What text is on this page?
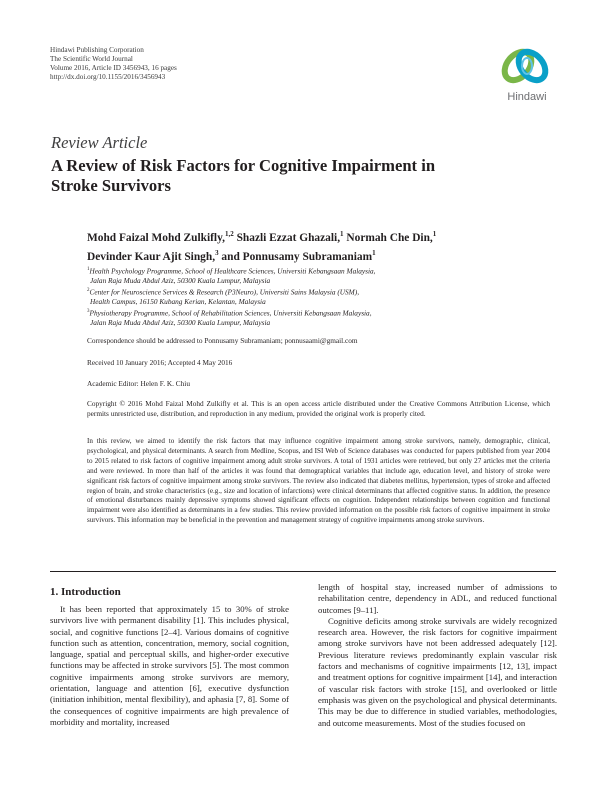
Hindawi Publishing Corporation
The Scientific World Journal
Volume 2016, Article ID 3456943, 16 pages
http://dx.doi.org/10.1155/2016/3456943
Hindawi
Review Article
A Review of Risk Factors for Cognitive Impairment in
Stroke Survivors
Mohd Faizal Mohd Zulkifly,$^{1,2}$ Shazli Ezzat Ghazali,$^1$ Normah Che Din,$^1$
Devinder Kaur Ajit Singh,$^3$ and Ponnusamy Subramaniam$^1$
$^1$Health Psychology Programme, School of Healthcare Sciences, Universiti Kebangsaan Malaysia,
Jalan Raja Muda Abdul Aziz, 50300 Kuala Lumpur, Malaysia
$^2$Center for Neuroscience Services & Research (P3Neuro), Universiti Sains Malaysia (USM),
Health Campus, 16150 Kubang Kerian, Kelantan, Malaysia
$^3$Physiotherapy Programme, School of Rehabilitation Sciences, Universiti Kebangsaan Malaysia,
Jalan Raja Muda Abdul Aziz, 50300 Kuala Lumpur, Malaysia
Correspondence should be addressed to Ponnusamy Subramaniam; ponnusaami@gmail.com
Received 10 January 2016; Accepted 4 May 2016
Academic Editor: Helen F. K. Chiu
Copyright © 2016 Mohd Faizal Mohd Zulkifly et al. This is an open access article distributed under the Creative Commons Attribution License, which permits unrestricted use, distribution, and reproduction in any medium, provided the original work is properly cited.
In this review, we aimed to identify the risk factors that may influence cognitive impairment among stroke survivors, namely, demographic, clinical, psychological, and physical determinants. A search from Medline, Scopus, and ISI Web of Science databases was conducted for papers published from year 2004 to 2015 related to risk factors of cognitive impairment among adult stroke survivors. A total of 1931 articles were retrieved, but only 27 articles met the criteria and were reviewed. In more than half of the articles it was found that demographical variables that include age, education level, and history of stroke were significant risk factors of cognitive impairment among stroke survivors. The review also indicated that diabetes mellitus, hypertension, types of stroke and affected region of brain, and stroke characteristics (e.g., size and location of infarctions) were clinical determinants that affected cognitive status. In addition, the presence of emotional disturbances mainly depressive symptoms showed significant effects on cognition. Independent relationships between cognition and functional impairment were also identified as determinants in a few studies. This review provided information on the possible risk factors of cognitive impairment in stroke survivors. This information may be beneficial in the prevention and management strategy of cognitive impairments among stroke survivors.
1. Introduction
It has been reported that approximately 15 to 30% of stroke survivors live with permanent disability [1]. This includes physical, social, and cognitive functions [2–4]. Various domains of cognitive function such as attention, concentration, memory, social cognition, language, spatial and perceptual skills, and higher-order executive functions may be affected in stroke survivors [5]. The most common cognitive impairments among stroke survivors are memory, orientation, language and attention [6], executive dysfunction (initiation inhibition, mental flexibility), and aphasia [7, 8]. Some of the consequences of cognitive impairments are high prevalence of morbidity and mortality, increased
length of hospital stay, increased number of admissions to rehabilitation centre, dependency in ADL, and reduced functional outcomes [9–11].
Cognitive deficits among stroke survivals are widely recognized research area. However, the risk factors for cognitive impairment among stroke survivors have not been addressed adequately [12]. Previous literature reviews predominantly explain vascular risk factors and mechanisms of cognitive impairments [12, 13], impact and treatment options for cognitive impairment [14], and interaction of vascular risk factors with stroke [15], and overlooked or little emphasis was given on the psychological and physical determinants. This may be due to difference in studied variables, methodologies, and outcome measurements. Most of the studies focused on
